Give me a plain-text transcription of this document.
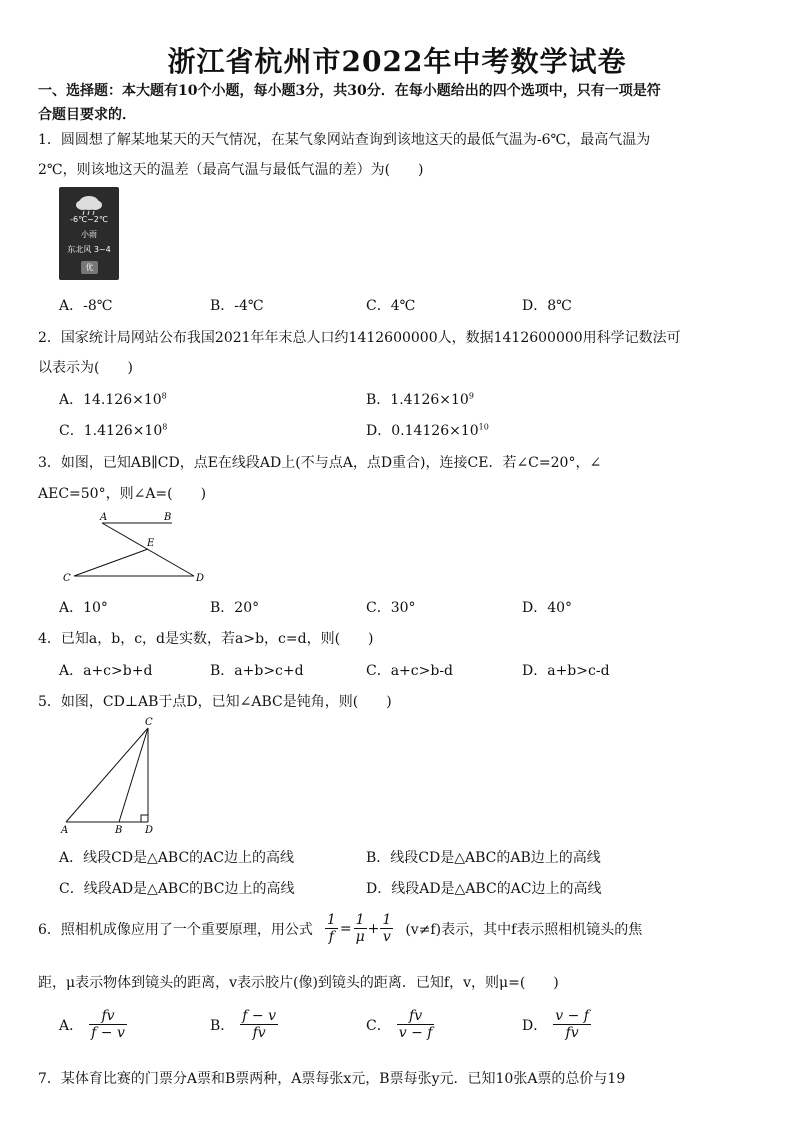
浙江省杭州市2022年中考数学试卷
一、选择题：本大题有10个小题，每小题3分，共30分．在每小题给出的四个选项中，只有一项是符
合题目要求的．
1．圆圆想了解某地某天的天气情况，在某气象网站查询到该地这天的最低气温为-6℃，最高气温为
2℃，则该地这天的温差（最高气温与最低气温的差）为(　　)
-6℃~2℃
小雨
东北风 3~4
优
A．-8℃	B．-4℃	C．4℃	D．8℃
2．国家统计局网站公布我国2021年年末总人口约1412600000人，数据1412600000用科学记数法可
以表示为(　　)
A．$14.126\times 10^8$	B．$1.4126\times 10^9$
C．$1.4126\times 10^8$	D．$0.14126\times 10^{10}$
3．如图，已知AB∥CD，点E在线段AD上(不与点A，点D重合)，连接CE．若∠C=20°，∠
AEC=50°，则∠A=(　　)
A	B
E
C	D
A．10°	B．20°	C．30°	D．40°
4．已知a，b，c，d是实数，若a>b，c=d，则(　　)
A．a+c>b+d	B．a+b>c+d	C．a+c>b-d	D．a+b>c-d
5．如图，CD⊥AB于点D，已知∠ABC是钝角，则(　　)
C
A	B D
A．线段CD是△ABC的AC边上的高线	B．线段CD是△ABC的AB边上的高线
C．线段AD是△ABC的BC边上的高线	D．线段AD是△ABC的AC边上的高线
6．照相机成像应用了一个重要原理，用公式 $\frac{1}{f} = \frac{1}{\mu} + \frac{1}{v} (v\ne f)$表示，其中f表示照相机镜头的焦
距，μ表示物体到镜头的距离，v表示胶片(像)到镜头的距离．已知f，v，则μ=(　　)
A． $\frac{fv}{f - v}$	B． $\frac{f - v}{fv}$	C． $\frac{fv}{v - f}$	D． $\frac{v - f}{fv}$
7．某体育比赛的门票分A票和B票两种，A票每张x元，B票每张y元．已知10张A票的总价与19
